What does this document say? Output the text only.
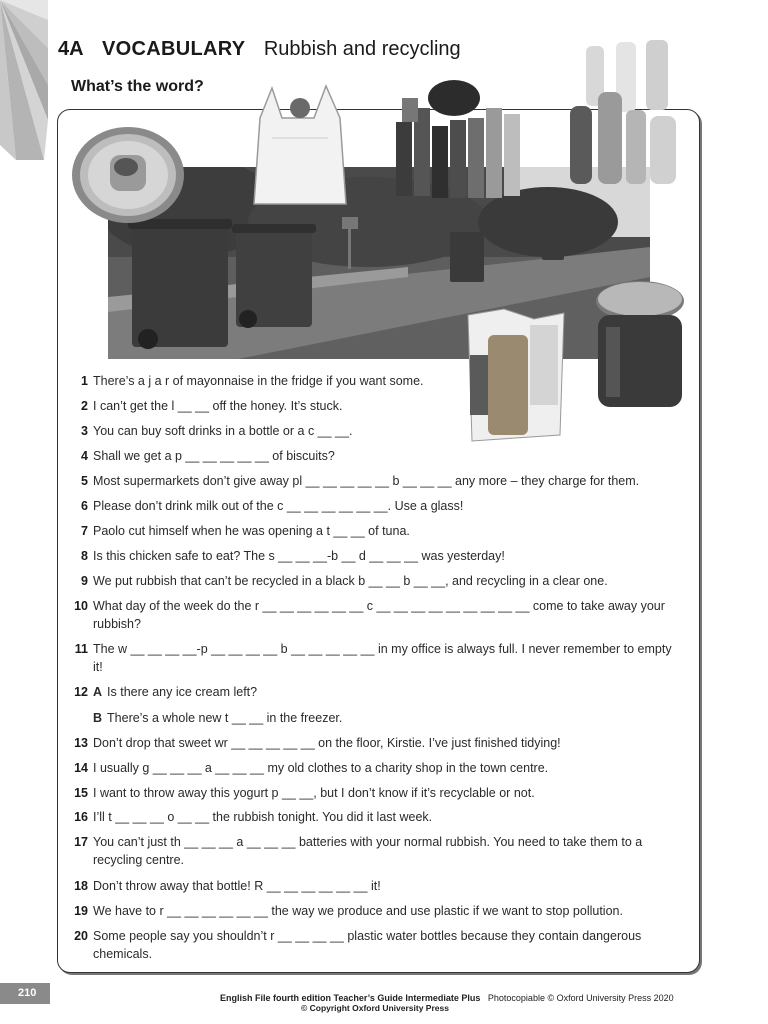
4A VOCABULARY Rubbish and recycling
What’s the word?
1 There’s a j a r of mayonnaise in the fridge if you want some.
2 I can’t get the l __ __ off the honey. It’s stuck.
3 You can buy soft drinks in a bottle or a c __ __.
4 Shall we get a p __ __ __ __ __ of biscuits?
5 Most supermarkets don’t give away pl __ __ __ __ __ b __ __ __ any more – they charge for them.
6 Please don’t drink milk out of the c __ __ __ __ __ __. Use a glass!
7 Paolo cut himself when he was opening a t __ __ of tuna.
8 Is this chicken safe to eat? The s __ __ __-b __ d __ __ __ was yesterday!
9 We put rubbish that can’t be recycled in a black b __ __ b __ __, and recycling in a clear one.
10 What day of the week do the r __ __ __ __ __ __ c __ __ __ __ __ __ __ __ __ come to take away your rubbish?
11 The w __ __ __ __-p __ __ __ __ b __ __ __ __ __ in my office is always full. I never remember to empty it!
12 A Is there any ice cream left?
B There’s a whole new t __ __ in the freezer.
13 Don’t drop that sweet wr __ __ __ __ __ on the floor, Kirstie. I’ve just finished tidying!
14 I usually g __ __ __ a __ __ __ my old clothes to a charity shop in the town centre.
15 I want to throw away this yogurt p __ __, but I don’t know if it’s recyclable or not.
16 I’ll t __ __ __ o __ __ the rubbish tonight. You did it last week.
17 You can’t just th __ __ __ a __ __ __ batteries with your normal rubbish. You need to take them to a recycling centre.
18 Don’t throw away that bottle! R __ __ __ __ __ __ it!
19 We have to r __ __ __ __ __ __ the way we produce and use plastic if we want to stop pollution.
20 Some people say you shouldn’t r __ __ __ __ plastic water bottles because they contain dangerous chemicals.
210	English File fourth edition Teacher’s Guide Intermediate Plus Photocopiable © Oxford University Press 2020
© Copyright Oxford University Press
